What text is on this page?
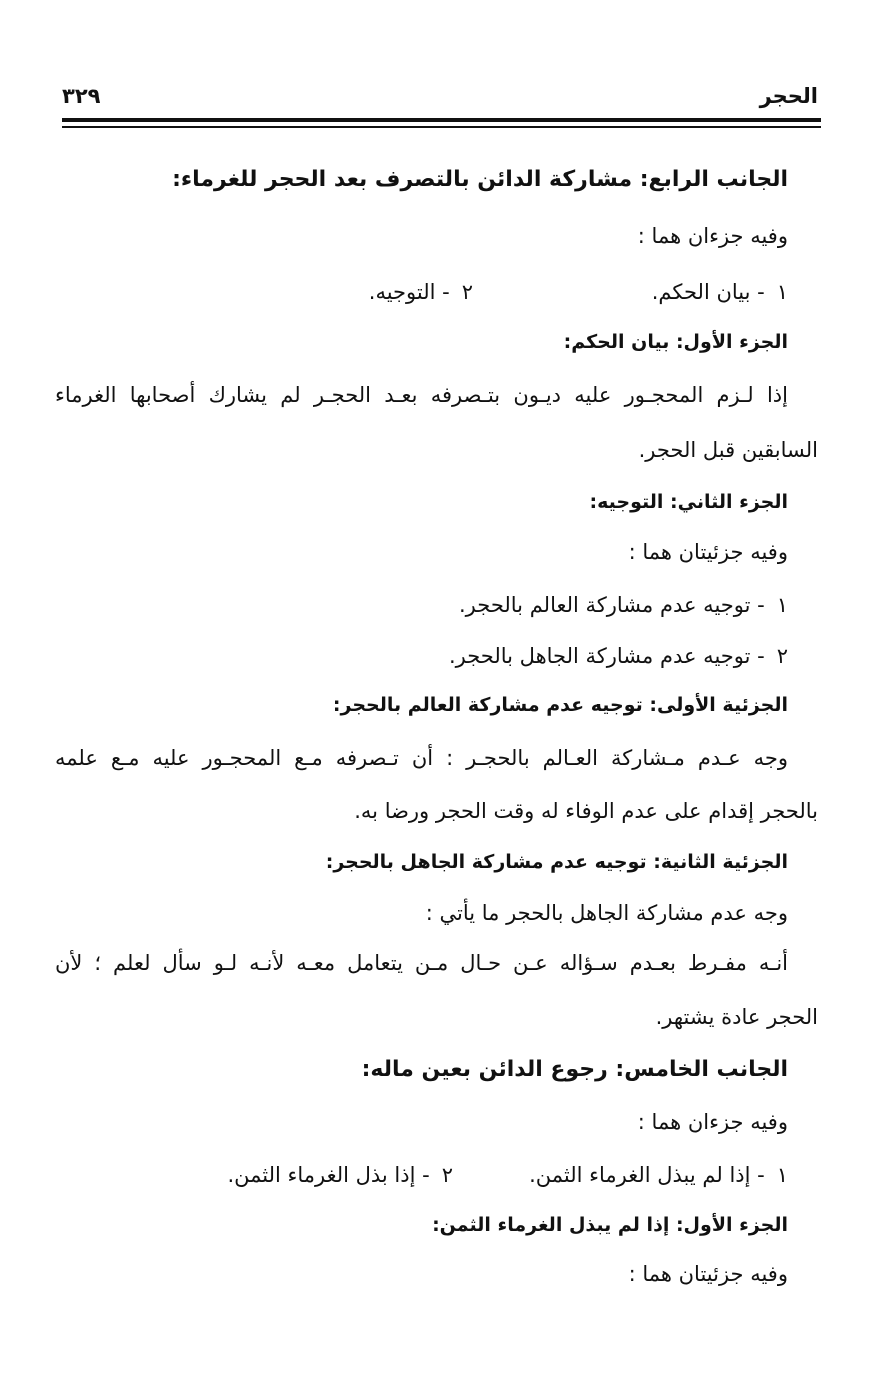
الحجر
٣٢٩
الجانب الرابع: مشاركة الدائن بالتصرف بعد الحجر للغرماء:
وفيه جزءان هما :
١- بيان الحكم.
٢- التوجيه.
الجزء الأول: بيان الحكم:
إذا لـزم المحجـور عليه ديـون بتـصرفه بعـد الحجـر لم يشارك أصحابها الغرماء
السابقين قبل الحجر.
الجزء الثاني: التوجيه:
وفيه جزئيتان هما :
١- توجيه عدم مشاركة العالم بالحجر.
٢- توجيه عدم مشاركة الجاهل بالحجر.
الجزئية الأولى: توجيه عدم مشاركة العالم بالحجر:
وجه عـدم مـشاركة العـالم بالحجـر : أن تـصرفه مـع المحجـور عليه مـع علمه
بالحجر إقدام على عدم الوفاء له وقت الحجر ورضا به.
الجزئية الثانية: توجيه عدم مشاركة الجاهل بالحجر:
وجه عدم مشاركة الجاهل بالحجر ما يأتي :
أنـه مفـرط بعـدم سـؤاله عـن حـال مـن يتعامل معـه لأنـه لـو سأل لعلم ؛ لأن
الحجر عادة يشتهر.
الجانب الخامس: رجوع الدائن بعين ماله:
وفيه جزءان هما :
١- إذا لم يبذل الغرماء الثمن.
٢- إذا بذل الغرماء الثمن.
الجزء الأول: إذا لم يبذل الغرماء الثمن:
وفيه جزئيتان هما :
